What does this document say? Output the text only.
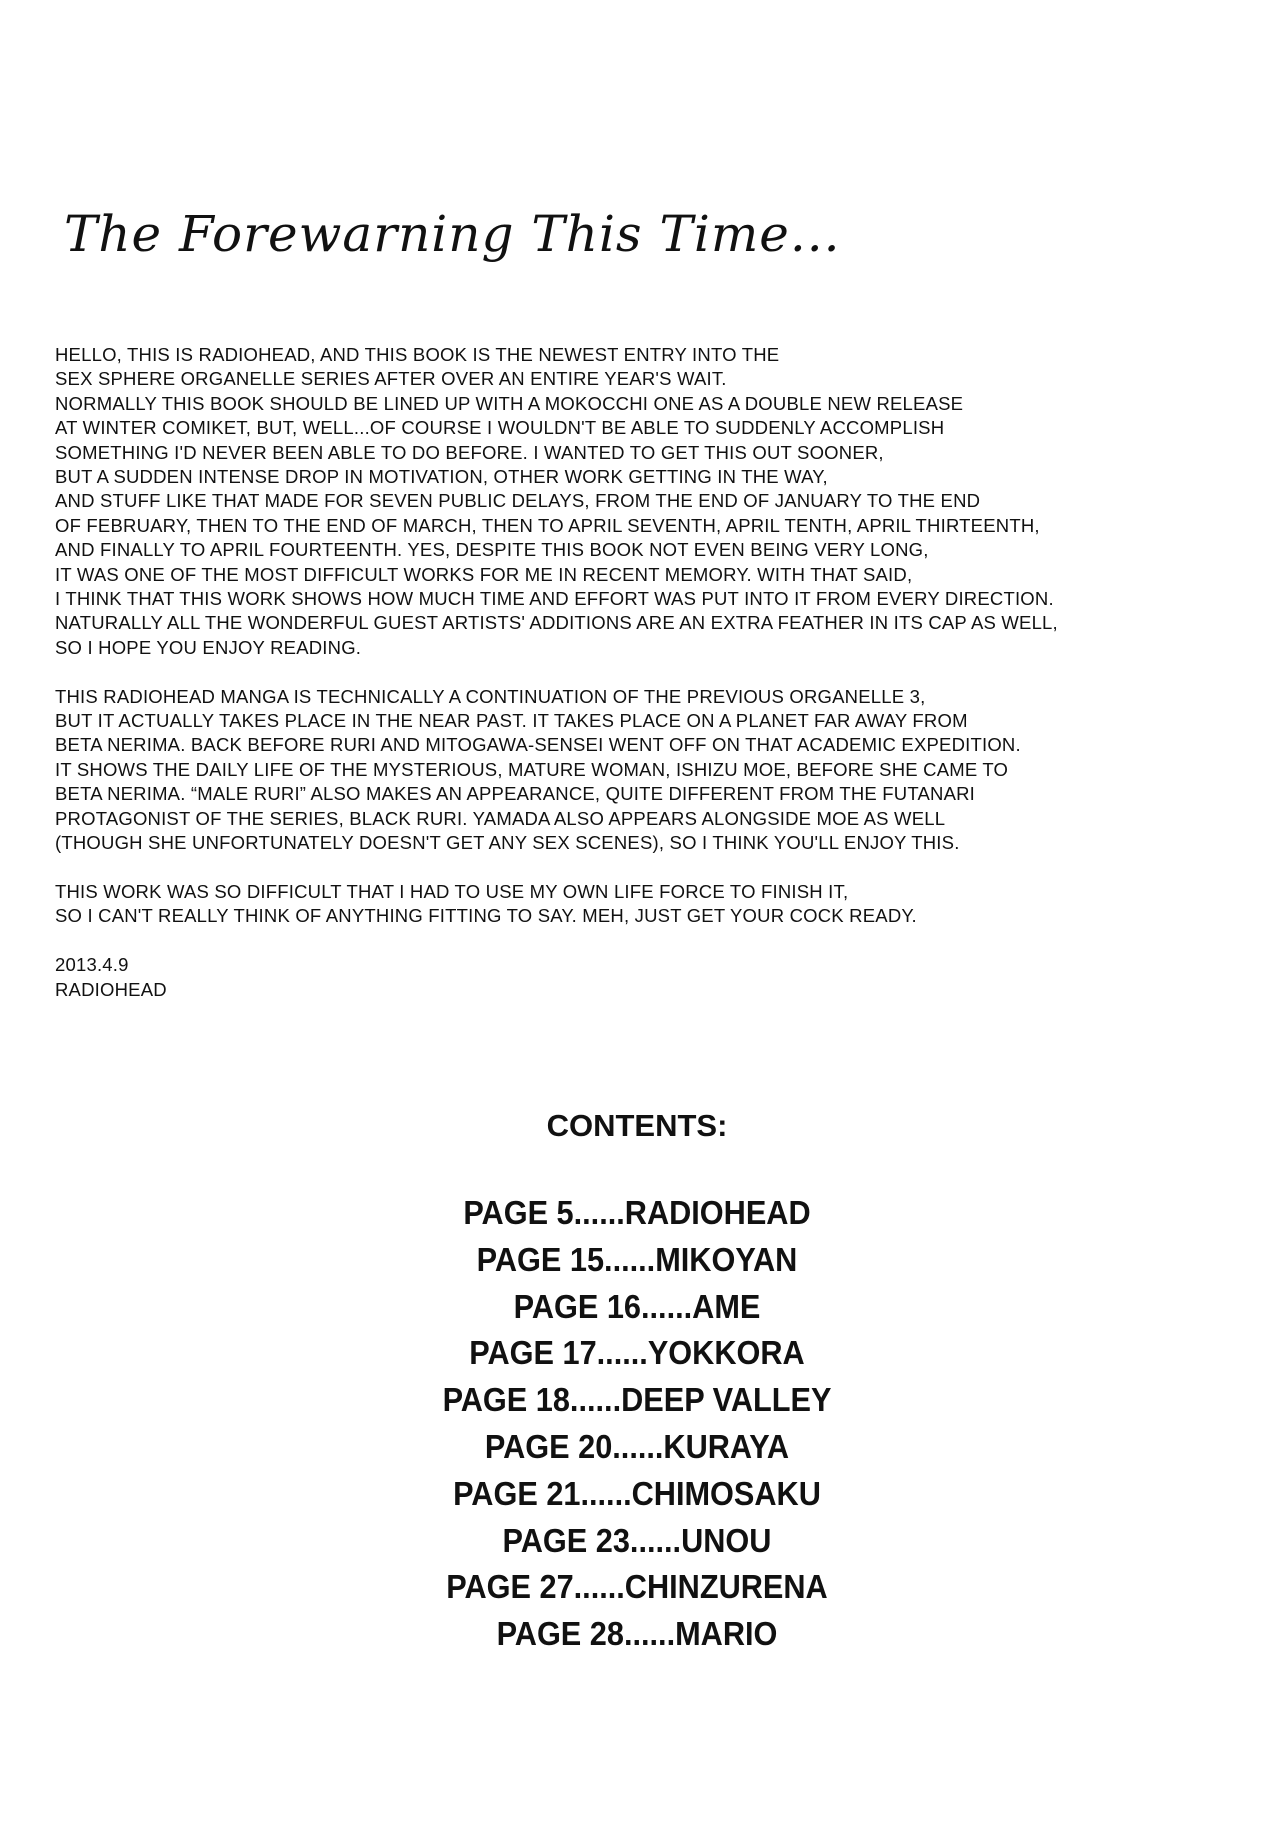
The Forewarning This Time...
HELLO, THIS IS RADIOHEAD, AND THIS BOOK IS THE NEWEST ENTRY INTO THE
SEX SPHERE ORGANELLE SERIES AFTER OVER AN ENTIRE YEAR'S WAIT.
NORMALLY THIS BOOK SHOULD BE LINED UP WITH A MOKOCCHI ONE AS A DOUBLE NEW RELEASE
AT WINTER COMIKET, BUT, WELL...OF COURSE I WOULDN'T BE ABLE TO SUDDENLY ACCOMPLISH
SOMETHING I'D NEVER BEEN ABLE TO DO BEFORE. I WANTED TO GET THIS OUT SOONER,
BUT A SUDDEN INTENSE DROP IN MOTIVATION, OTHER WORK GETTING IN THE WAY,
AND STUFF LIKE THAT MADE FOR SEVEN PUBLIC DELAYS, FROM THE END OF JANUARY TO THE END
OF FEBRUARY, THEN TO THE END OF MARCH, THEN TO APRIL SEVENTH, APRIL TENTH, APRIL THIRTEENTH,
AND FINALLY TO APRIL FOURTEENTH. YES, DESPITE THIS BOOK NOT EVEN BEING VERY LONG,
IT WAS ONE OF THE MOST DIFFICULT WORKS FOR ME IN RECENT MEMORY. WITH THAT SAID,
I THINK THAT THIS WORK SHOWS HOW MUCH TIME AND EFFORT WAS PUT INTO IT FROM EVERY DIRECTION.
NATURALLY ALL THE WONDERFUL GUEST ARTISTS' ADDITIONS ARE AN EXTRA FEATHER IN ITS CAP AS WELL,
SO I HOPE YOU ENJOY READING.
THIS RADIOHEAD MANGA IS TECHNICALLY A CONTINUATION OF THE PREVIOUS ORGANELLE 3,
BUT IT ACTUALLY TAKES PLACE IN THE NEAR PAST. IT TAKES PLACE ON A PLANET FAR AWAY FROM
BETA NERIMA. BACK BEFORE RURI AND MITOGAWA-SENSEI WENT OFF ON THAT ACADEMIC EXPEDITION.
IT SHOWS THE DAILY LIFE OF THE MYSTERIOUS, MATURE WOMAN, ISHIZU MOE, BEFORE SHE CAME TO
BETA NERIMA. “MALE RURI” ALSO MAKES AN APPEARANCE, QUITE DIFFERENT FROM THE FUTANARI
PROTAGONIST OF THE SERIES, BLACK RURI. YAMADA ALSO APPEARS ALONGSIDE MOE AS WELL
(THOUGH SHE UNFORTUNATELY DOESN'T GET ANY SEX SCENES), SO I THINK YOU'LL ENJOY THIS.
THIS WORK WAS SO DIFFICULT THAT I HAD TO USE MY OWN LIFE FORCE TO FINISH IT,
SO I CAN'T REALLY THINK OF ANYTHING FITTING TO SAY. MEH, JUST GET YOUR COCK READY.
2013.4.9
RADIOHEAD
CONTENTS:
PAGE 5......RADIOHEAD
PAGE 15......MIKOYAN
PAGE 16......AME
PAGE 17......YOKKORA
PAGE 18......DEEP VALLEY
PAGE 20......KURAYA
PAGE 21......CHIMOSAKU
PAGE 23......UNOU
PAGE 27......CHINZURENA
PAGE 28......MARIO
